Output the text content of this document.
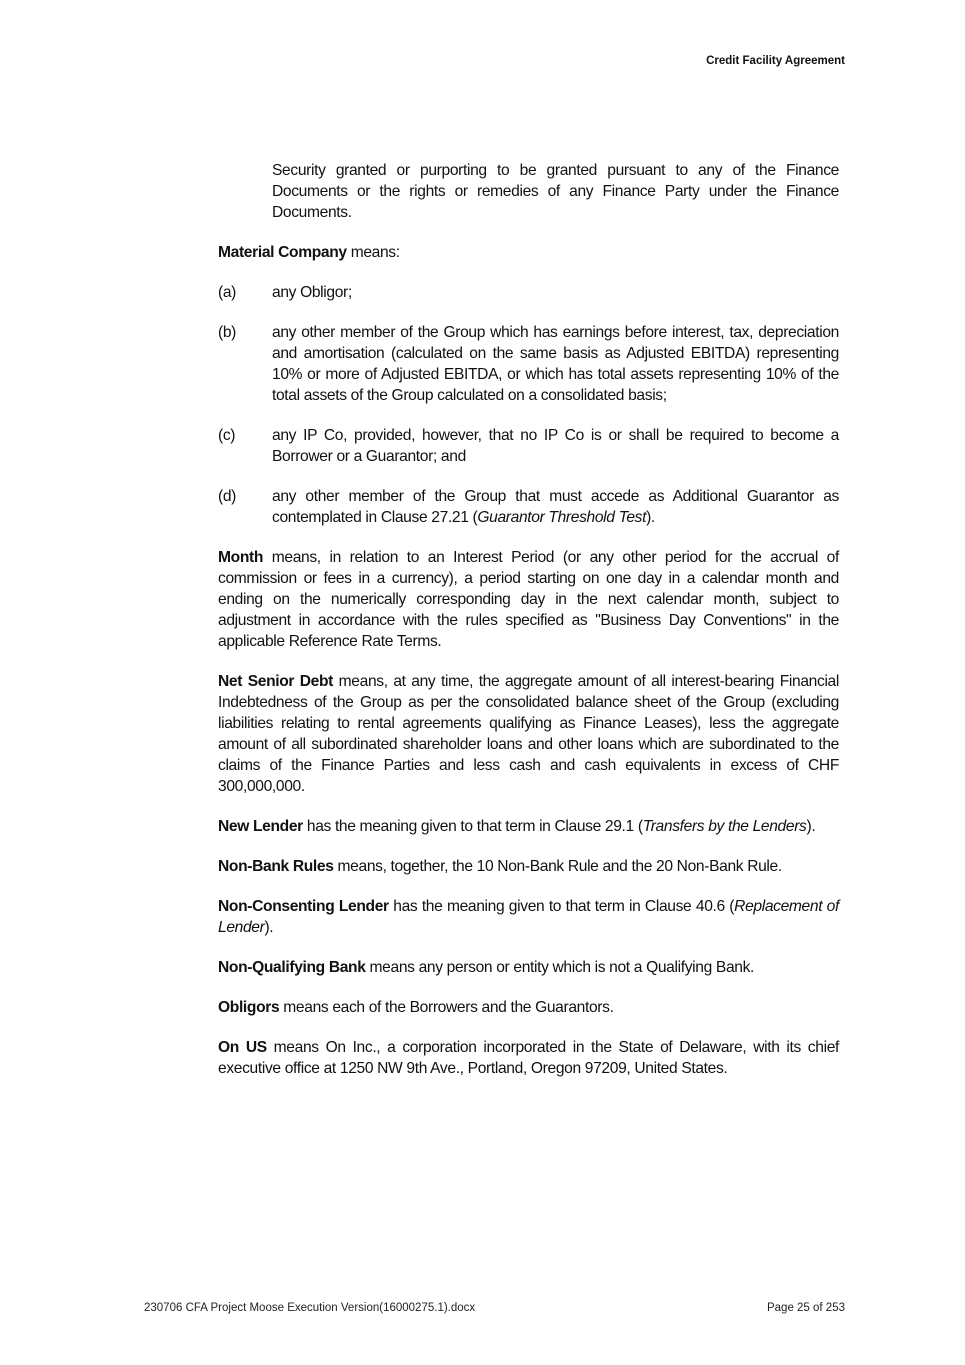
Credit Facility Agreement

Security granted or purporting to be granted pursuant to any of the Finance Documents or the rights or remedies of any Finance Party under the Finance Documents.

Material Company means:

(a)	any Obligor;
(b)	any other member of the Group which has earnings before interest, tax, depreciation and amortisation (calculated on the same basis as Adjusted EBITDA) representing 10% or more of Adjusted EBITDA, or which has total assets representing 10% of the total assets of the Group calculated on a consolidated basis;
(c)	any IP Co, provided, however, that no IP Co is or shall be required to become a Borrower or a Guarantor; and
(d)	any other member of the Group that must accede as Additional Guarantor as contemplated in Clause 27.21 (Guarantor Threshold Test).

Month means, in relation to an Interest Period (or any other period for the accrual of commission or fees in a currency), a period starting on one day in a calendar month and ending on the numerically corresponding day in the next calendar month, subject to adjustment in accordance with the rules specified as "Business Day Conventions" in the applicable Reference Rate Terms.

Net Senior Debt means, at any time, the aggregate amount of all interest-bearing Financial Indebtedness of the Group as per the consolidated balance sheet of the Group (excluding liabilities relating to rental agreements qualifying as Finance Leases), less the aggregate amount of all subordinated shareholder loans and other loans which are subordinated to the claims of the Finance Parties and less cash and cash equivalents in excess of CHF 300,000,000.

New Lender has the meaning given to that term in Clause 29.1 (Transfers by the Lenders).

Non-Bank Rules means, together, the 10 Non-Bank Rule and the 20 Non-Bank Rule.

Non-Consenting Lender has the meaning given to that term in Clause 40.6 (Replacement of Lender).

Non-Qualifying Bank means any person or entity which is not a Qualifying Bank.

Obligors means each of the Borrowers and the Guarantors.

On US means On Inc., a corporation incorporated in the State of Delaware, with its chief executive office at 1250 NW 9th Ave., Portland, Oregon 97209, United States.

230706 CFA Project Moose Execution Version(16000275.1).docx	Page 25 of 253
